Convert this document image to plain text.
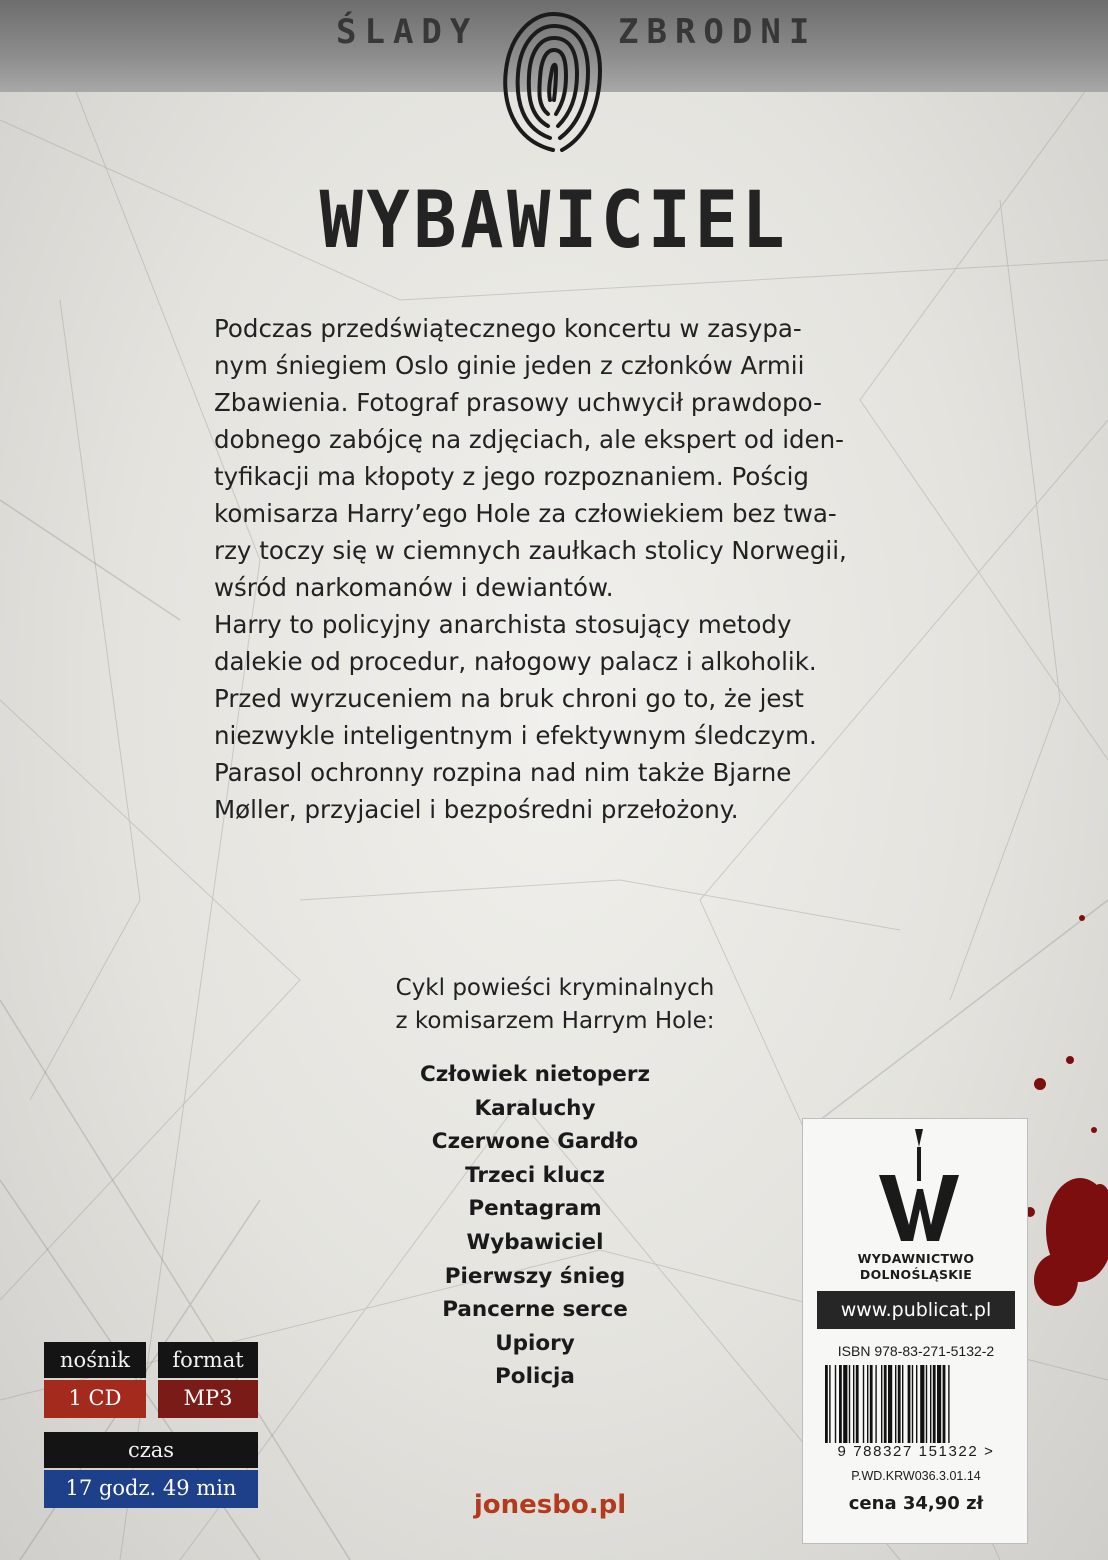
ŚLADY	ZBRODNI
WYBAWICIEL

Podczas przedświątecznego koncertu w zasypa-

nym śniegiem Oslo ginie jeden z członków Armii

Zbawienia. Fotograf prasowy uchwycił prawdopo-

dobnego zabójcę na zdjęciach, ale ekspert od iden-

tyfikacji ma kłopoty z jego rozpoznaniem. Pościg

komisarza Harry’ego Hole za człowiekiem bez twa-

rzy toczy się w ciemnych zaułkach stolicy Norwegii,

wśród narkomanów i dewiantów.

Harry to policyjny anarchista stosujący metody

dalekie od procedur, nałogowy palacz i alkoholik.

Przed wyrzuceniem na bruk chroni go to, że jest

niezwykle inteligentnym i efektywnym śledczym.

Parasol ochronny rozpina nad nim także Bjarne

Møller, przyjaciel i bezpośredni przełożony.

Cykl powieści kryminalnych
z komisarzem Harrym Hole:
Człowiek nietoperz
Karaluchy
Czerwone Gardło
Trzeci klucz
Pentagram
Wybawiciel
Pierwszy śnieg
Pancerne serce
Upiory
Policja
nośnik
1 CD
format
MP3
czas
17 godz. 49 min
jonesbo.pl
WYDAWNICTWO
DOLNOŚLĄSKIE
www.publicat.pl
ISBN 978-83-271-5132-2
9 788327 151322 >
P.WD.KRW036.3.01.14
cena 34,90 zł
